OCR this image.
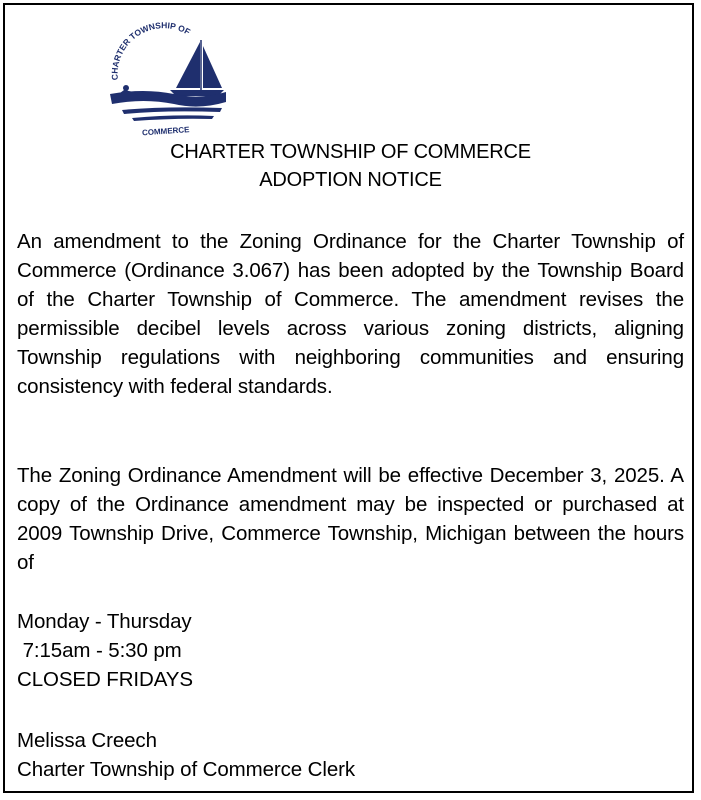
CHARTER TOWNSHIP OF
COMMERCE
CHARTER TOWNSHIP OF COMMERCE
ADOPTION NOTICE
An amendment to the Zoning Ordinance for the Charter Township of Commerce (Ordinance 3.067) has been adopted by the Township Board of the Charter Township of Commerce. The amendment revises the permissible decibel levels across various zoning districts, aligning Township regulations with neighboring communities and ensuring consistency with federal standards.
The Zoning Ordinance Amendment will be effective December 3, 2025. A copy of the Ordinance amendment may be inspected or purchased at 2009 Township Drive, Commerce Township, Michigan between the hours of
Monday - Thursday
7:15am - 5:30 pm
CLOSED FRIDAYS
Melissa Creech
Charter Township of Commerce Clerk
